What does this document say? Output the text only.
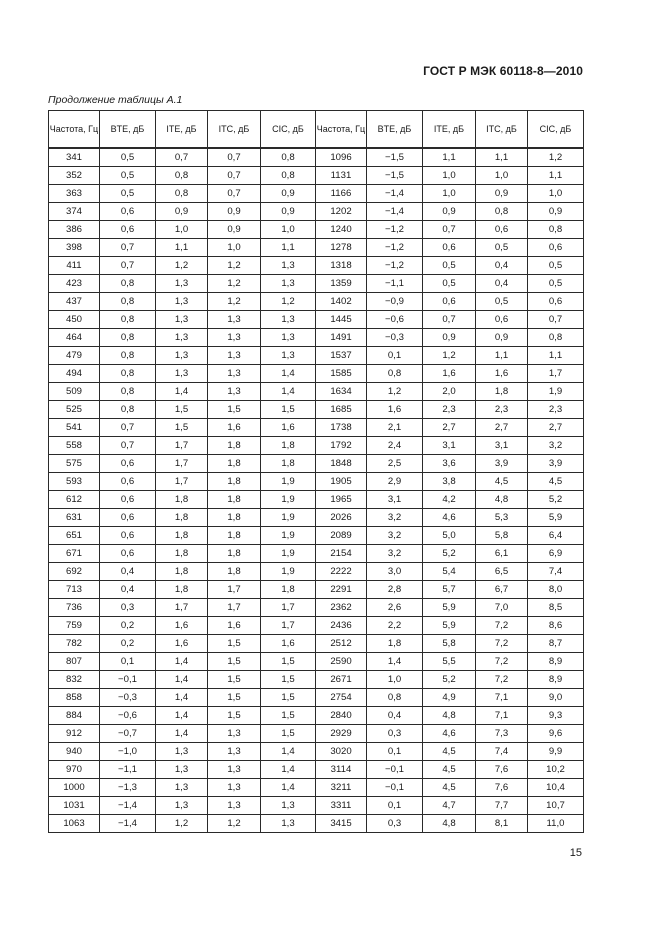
ГОСТ Р МЭК 60118-8—2010
Продолжение таблицы А.1
Частота, Гц	BTE, дБ	ITE, дБ	ITC, дБ	CIC, дБ	Частота, Гц	BTE, дБ	ITE, дБ	ITC, дБ	CIC, дБ
341	0,5	0,7	0,7	0,8	1096	−1,5	1,1	1,1	1,2
352	0,5	0,8	0,7	0,8	1131	−1,5	1,0	1,0	1,1
363	0,5	0,8	0,7	0,9	1166	−1,4	1,0	0,9	1,0
374	0,6	0,9	0,9	0,9	1202	−1,4	0,9	0,8	0,9
386	0,6	1,0	0,9	1,0	1240	−1,2	0,7	0,6	0,8
398	0,7	1,1	1,0	1,1	1278	−1,2	0,6	0,5	0,6
411	0,7	1,2	1,2	1,3	1318	−1,2	0,5	0,4	0,5
423	0,8	1,3	1,2	1,3	1359	−1,1	0,5	0,4	0,5
437	0,8	1,3	1,2	1,2	1402	−0,9	0,6	0,5	0,6
450	0,8	1,3	1,3	1,3	1445	−0,6	0,7	0,6	0,7
464	0,8	1,3	1,3	1,3	1491	−0,3	0,9	0,9	0,8
479	0,8	1,3	1,3	1,3	1537	0,1	1,2	1,1	1,1
494	0,8	1,3	1,3	1,4	1585	0,8	1,6	1,6	1,7
509	0,8	1,4	1,3	1,4	1634	1,2	2,0	1,8	1,9
525	0,8	1,5	1,5	1,5	1685	1,6	2,3	2,3	2,3
541	0,7	1,5	1,6	1,6	1738	2,1	2,7	2,7	2,7
558	0,7	1,7	1,8	1,8	1792	2,4	3,1	3,1	3,2
575	0,6	1,7	1,8	1,8	1848	2,5	3,6	3,9	3,9
593	0,6	1,7	1,8	1,9	1905	2,9	3,8	4,5	4,5
612	0,6	1,8	1,8	1,9	1965	3,1	4,2	4,8	5,2
631	0,6	1,8	1,8	1,9	2026	3,2	4,6	5,3	5,9
651	0,6	1,8	1,8	1,9	2089	3,2	5,0	5,8	6,4
671	0,6	1,8	1,8	1,9	2154	3,2	5,2	6,1	6,9
692	0,4	1,8	1,8	1,9	2222	3,0	5,4	6,5	7,4
713	0,4	1,8	1,7	1,8	2291	2,8	5,7	6,7	8,0
736	0,3	1,7	1,7	1,7	2362	2,6	5,9	7,0	8,5
759	0,2	1,6	1,6	1,7	2436	2,2	5,9	7,2	8,6
782	0,2	1,6	1,5	1,6	2512	1,8	5,8	7,2	8,7
807	0,1	1,4	1,5	1,5	2590	1,4	5,5	7,2	8,9
832	−0,1	1,4	1,5	1,5	2671	1,0	5,2	7,2	8,9
858	−0,3	1,4	1,5	1,5	2754	0,8	4,9	7,1	9,0
884	−0,6	1,4	1,5	1,5	2840	0,4	4,8	7,1	9,3
912	−0,7	1,4	1,3	1,5	2929	0,3	4,6	7,3	9,6
940	−1,0	1,3	1,3	1,4	3020	0,1	4,5	7,4	9,9
970	−1,1	1,3	1,3	1,4	3114	−0,1	4,5	7,6	10,2
1000	−1,3	1,3	1,3	1,4	3211	−0,1	4,5	7,6	10,4
1031	−1,4	1,3	1,3	1,3	3311	0,1	4,7	7,7	10,7
1063	−1,4	1,2	1,2	1,3	3415	0,3	4,8	8,1	11,0
15
